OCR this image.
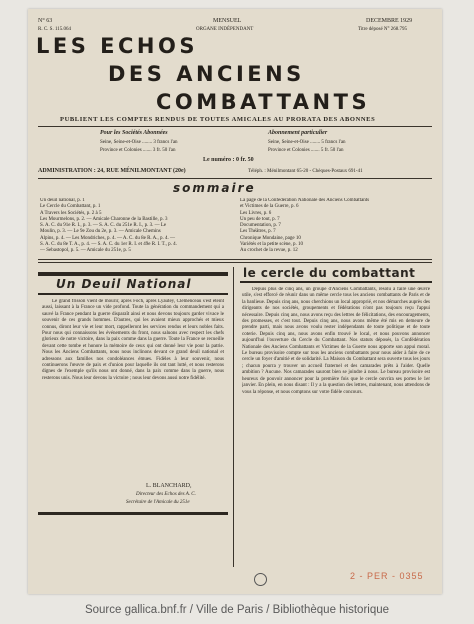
N° 63	MENSUEL	DECEMBRE 1929
R. C. S. 115.064	ORGANE INDÉPENDANT	Titre déposé N° 268.795
LES ECHOS
DES ANCIENS
COMBATTANTS
PUBLIENT LES COMPTES RENDUS DE TOUTES AMICALES AU PRORATA DES ABONNES
Pour les Sociétés Abonnées
Seine, Seine-et-Oise ........ 3 francs l'an
Province et Colonies ....... 3 fr. 50 l'an
Abonnement particulier
Seine, Seine-et-Oise ........ 5 francs l'an
Province et Colonies ....... 5 fr. 50 l'an
Le numéro : 0 fr. 50
ADMINISTRATION : 24, RUE MÉNILMONTANT (20e)	Téléph. : Ménilmontant 65-20 - Chèques-Postaux 691-41
sommaire
Un deuil national, p. 1
Le Cercle du Combattant, p. 1
A Travers les Sociétés, p. 2 à 5
Les Mourmelons, p. 2. — Amicale Charonne de la Bastille, p. 3
S. A. C. du 91e R. I., p. 3. — S. A. C. du 251e R. I., p. 3. — Le
Moulin, p. 3. — Le 9e Zou du 2e, p. 3. — Amicale Chemins
Alpins, p. 4. — Les Mondriches, p. 4. — A. C. du 8e R. A., p. 4. —
S. A. C. du 8e T. A., p. 4. — S. A. C. du 1er R. I. et 49e R. I. T., p. 4.
— Sebastopol, p. 5. — Amicale du 251e, p. 5
La page de la Confédération Nationale des Anciens Combattants
et Victimes de la Guerre, p. 6
Les Livres, p. 6
Un peu de tout, p. 7
Documentation, p. 7
Les Théâtres, p. 7
Chronique Mondaine, page 10
Variétés et la petite scène, p. 10
Au crochet de la revue, p. 12
Un Deuil National
Le grand frisson vient de mourir, après Foch, après Lyautey, Clemenceau s'est éteint aussi, laissant à la France un vide profond. Toute la génération du commandement qui a sauvé la France pendant la guerre disparaît ainsi et nous devons toujours garder vivace le souvenir de ces grands hommes. D'autres, qui les avaient mieux approchés et mieux connus, diront leur vie et leur mort, rappelleront les services rendus et leurs nobles faits. Pour nous qui connaissons les événements du front, nous saluons avec respect les chefs glorieux de notre victoire, dans la paix comme dans la guerre. Toute la France se recueille devant cette tombe et honore la mémoire de ceux qui ont donné leur vie pour la patrie. Nous les Anciens Combattants, nous nous inclinons devant ce grand deuil national et adressons aux familles nos condoléances émues. Fidèles à leur souvenir, nous continuerons l'œuvre de paix et d'union pour laquelle ils ont tant lutté, et nous resterons dignes de l'exemple qu'ils nous ont donné, dans la paix comme dans la guerre, nous resterons unis. Nous leur devons la victoire ; nous leur devons aussi notre fidélité.
L. BLANCHARD,
Directeur des Echos des A. C.
Secrétaire de l'Amicale du 251e
le cercle du combattant
Depuis plus de cinq ans, un groupe d'Anciens Combattants, résolu à faire une œuvre utile, s'est efforcé de réunir dans un même cercle tous les anciens combattants de Paris et de la banlieue. Depuis cinq ans, nous cherchions un local approprié, et nos démarches auprès des dirigeants de nos sociétés, groupements et fédérations n'ont pas toujours reçu l'appui nécessaire. Depuis cinq ans, nous avons reçu des lettres de félicitations, des encouragements, des promesses, et c'est tout. Depuis cinq ans, nous avons même été mis en demeure de prendre parti, mais nous avons voulu rester indépendants de toute politique et de toute coterie. Depuis cinq ans, nous avons enfin trouvé le local, et nous pouvons annoncer aujourd'hui l'ouverture du Cercle du Combattant. Nos statuts déposés, la Confédération Nationale des Anciens Combattants et Victimes de la Guerre nous apporte son appui moral. Le bureau provisoire compte sur tous les anciens combattants pour nous aider à faire de ce cercle un foyer d'amitié et de solidarité. La Maison du Combattant sera ouverte tous les jours ; chacun pourra y trouver un accueil fraternel et des camarades prêts à l'aider. Quelle ambition ? Aucune. Nos camarades sauront bien se joindre à nous. Le bureau provisoire est heureux de pouvoir annoncer pour la première fois que le cercle ouvrira ses portes le 1er janvier. En plein, en nous disant : Il y a la question des lettres, maintenant, nous attendons de vous la réponse, et nous comptons sur votre fidèle concours.
2 - PER - 0355
Source gallica.bnf.fr / Ville de Paris / Bibliothèque historique
